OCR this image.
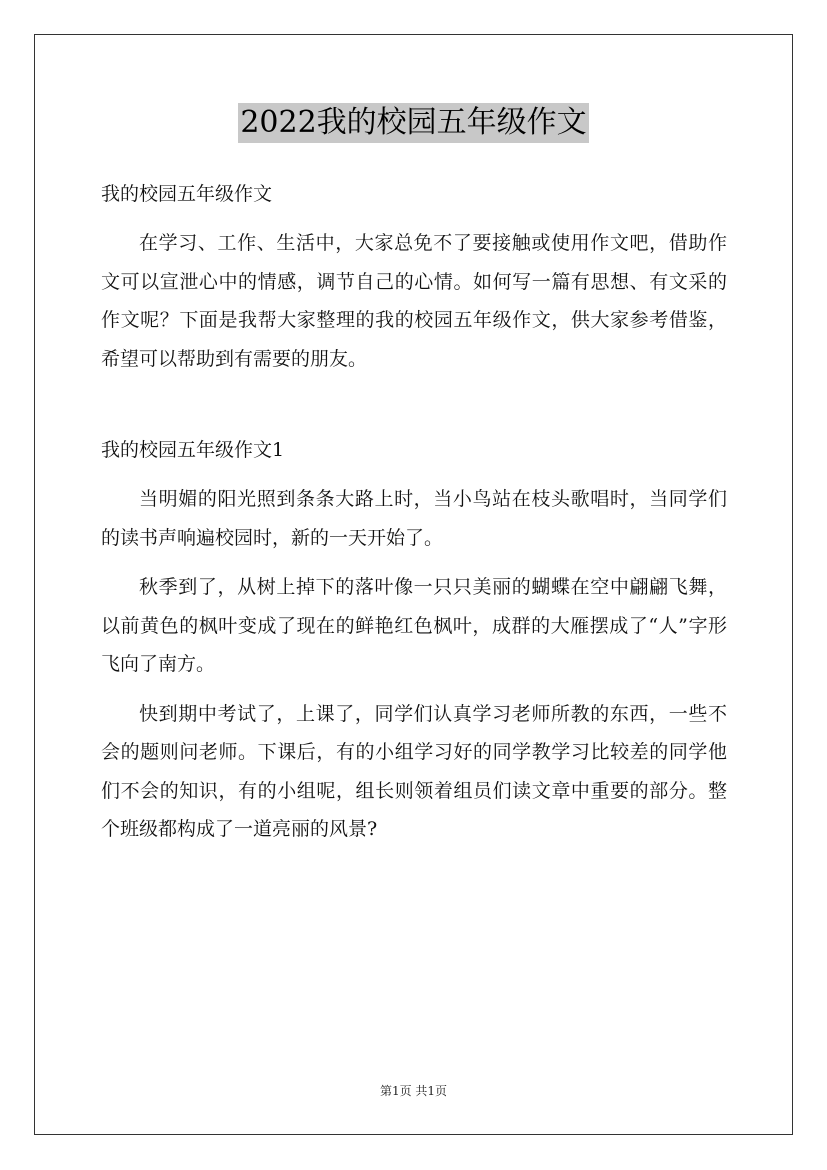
2022我的校园五年级作文
我的校园五年级作文

在学习、工作、生活中，大家总免不了要接触或使用作文吧，借助作文可以宣泄心中的情感，调节自己的心情。如何写一篇有思想、有文采的作文呢？下面是我帮大家整理的我的校园五年级作文，供大家参考借鉴，希望可以帮助到有需要的朋友。

我的校园五年级作文1

当明媚的阳光照到条条大路上时，当小鸟站在枝头歌唱时，当同学们的读书声响遍校园时，新的一天开始了。

秋季到了，从树上掉下的落叶像一只只美丽的蝴蝶在空中翩翩飞舞，以前黄色的枫叶变成了现在的鲜艳红色枫叶，成群的大雁摆成了“人”字形飞向了南方。

快到期中考试了，上课了，同学们认真学习老师所教的东西，一些不会的题则问老师。下课后，有的小组学习好的同学教学习比较差的同学他们不会的知识，有的小组呢，组长则领着组员们读文章中重要的部分。整个班级都构成了一道亮丽的风景?

第1页 共1页
